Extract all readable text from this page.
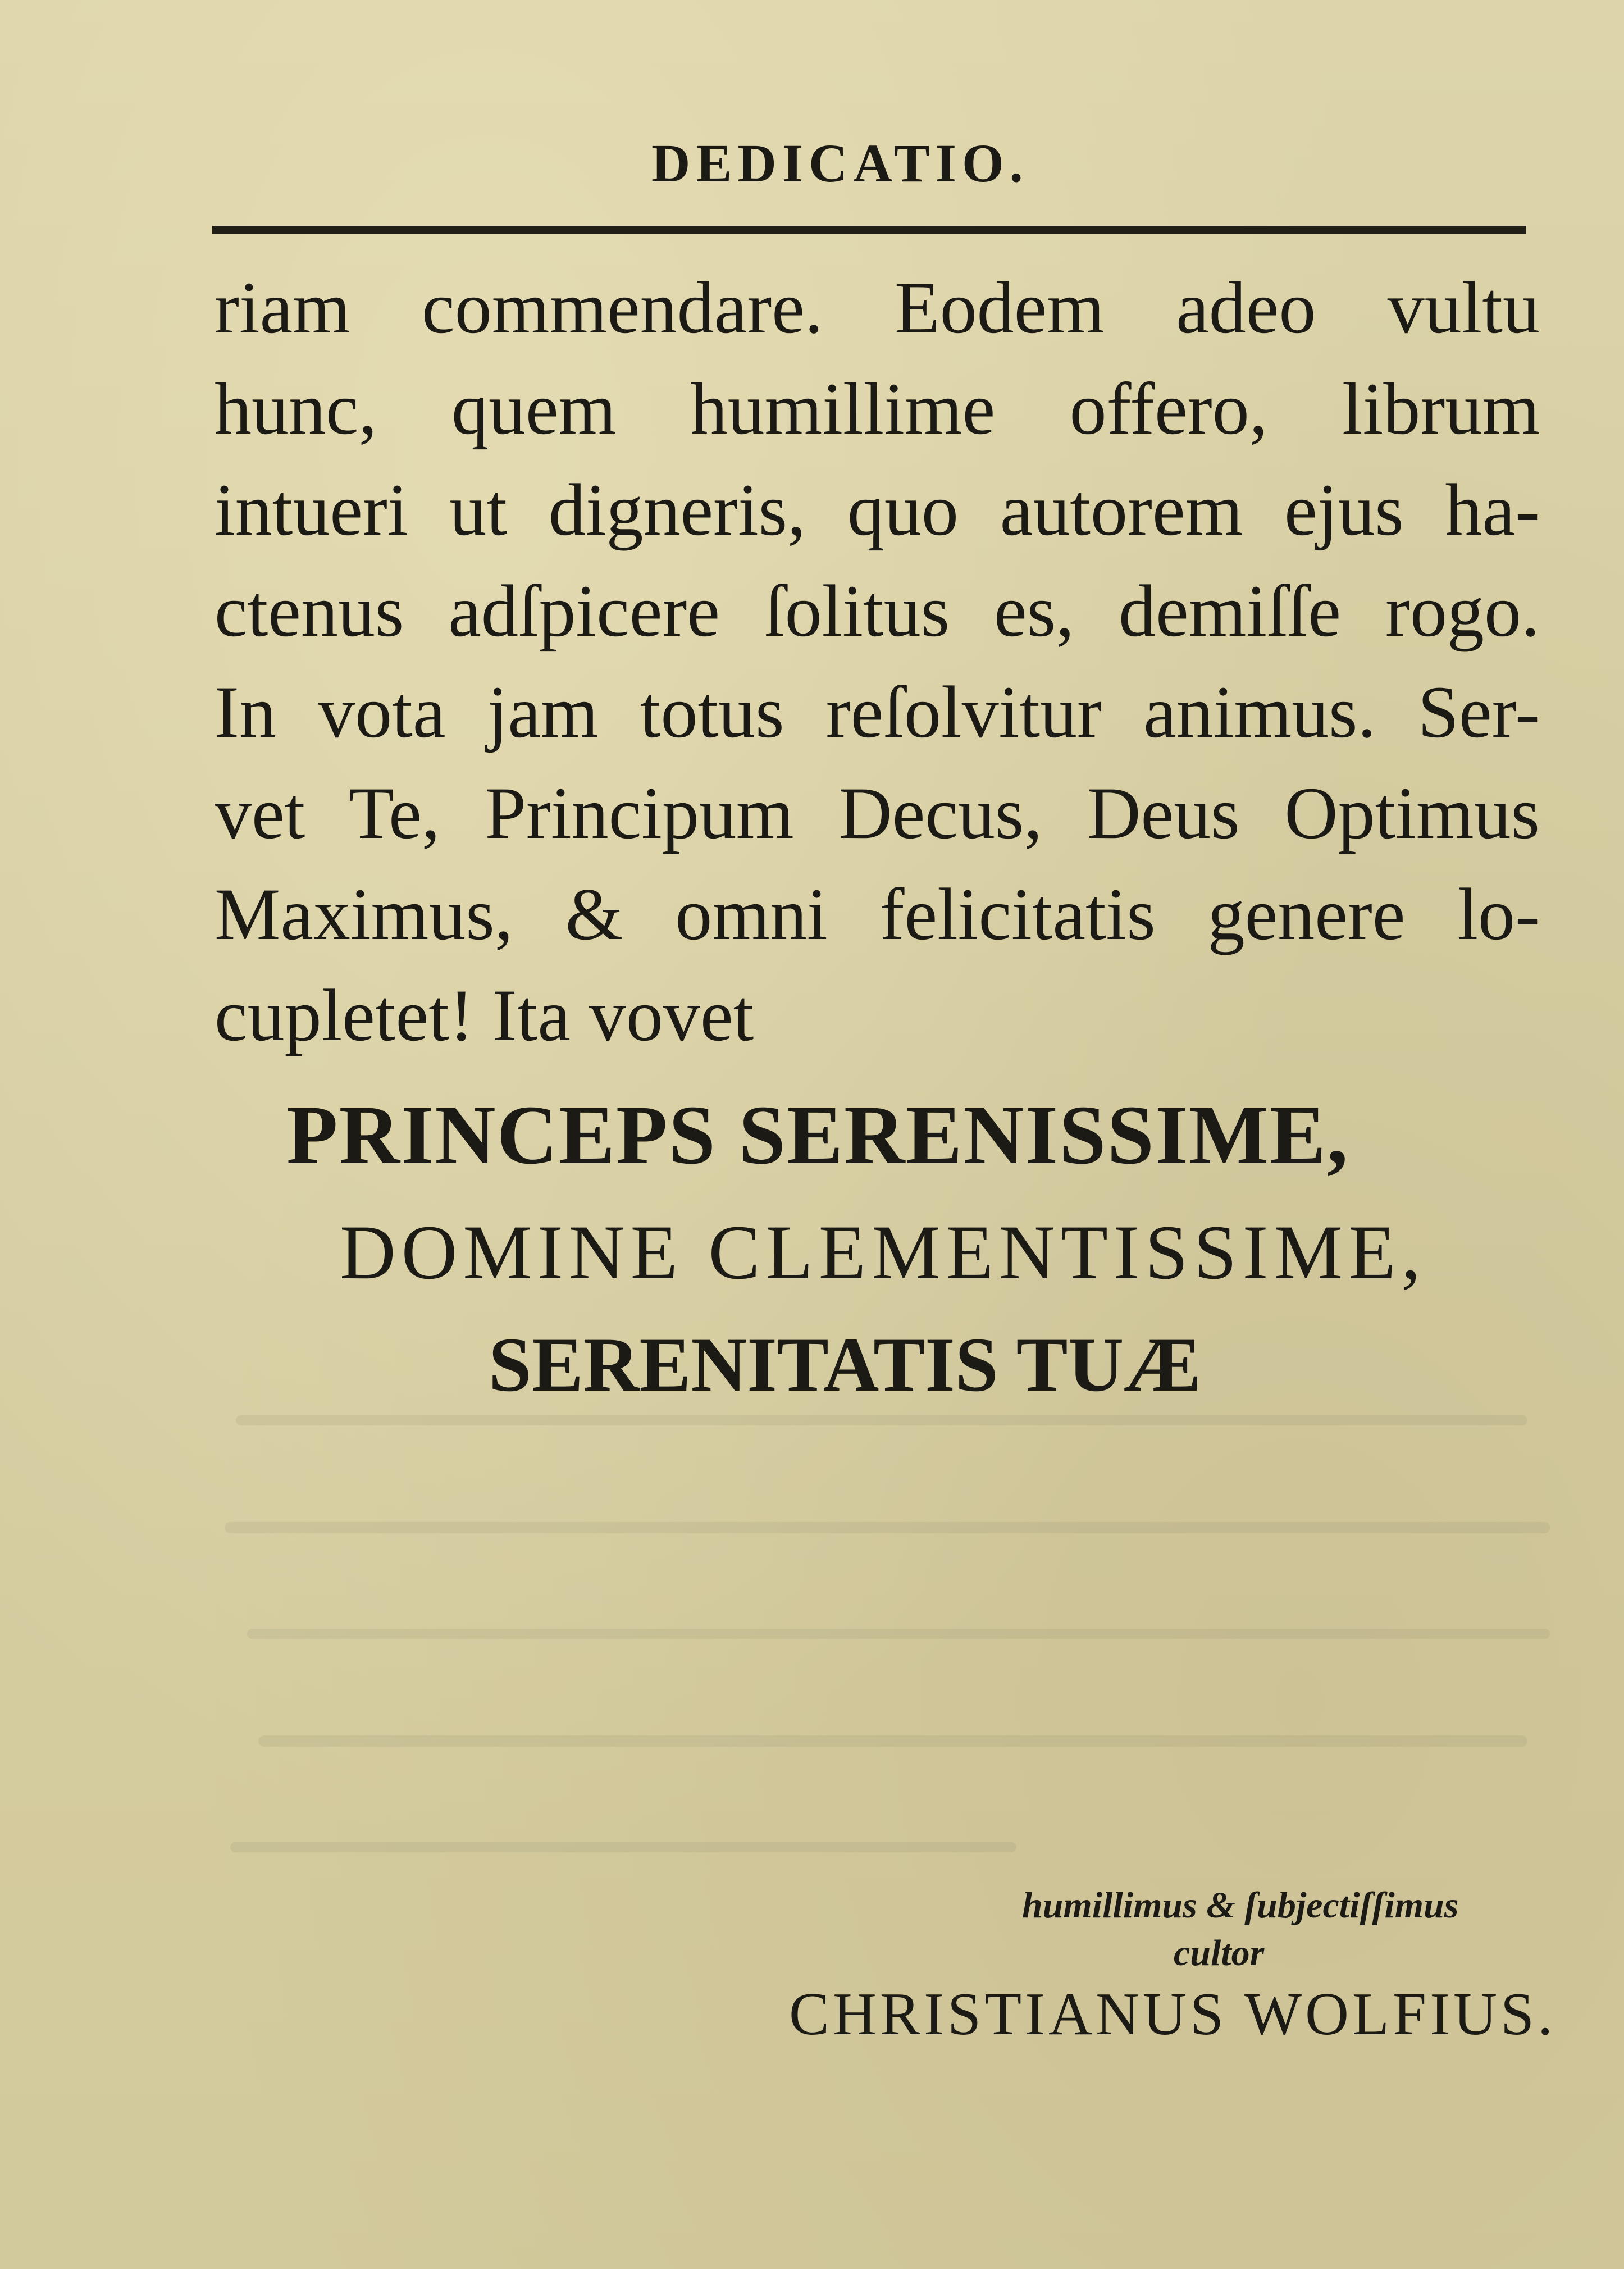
DEDICATIO.
riam commendare. Eodem adeo vultu
hunc, quem humillime offero, librum
intueri ut digneris, quo autorem ejus ha-
ctenus adſpicere ſolitus es, demiſſe rogo.
In vota jam totus reſolvitur animus. Ser-
vet Te, Principum Decus, Deus Optimus
Maximus, & omni felicitatis genere lo-
cupletet! Ita vovet
PRINCEPS SERENISSIME,
DOMINE CLEMENTISSIME,
SERENITATIS TUÆ
humillimus & ſubjectiſſimus
cultor
CHRISTIANUS WOLFIUS.
